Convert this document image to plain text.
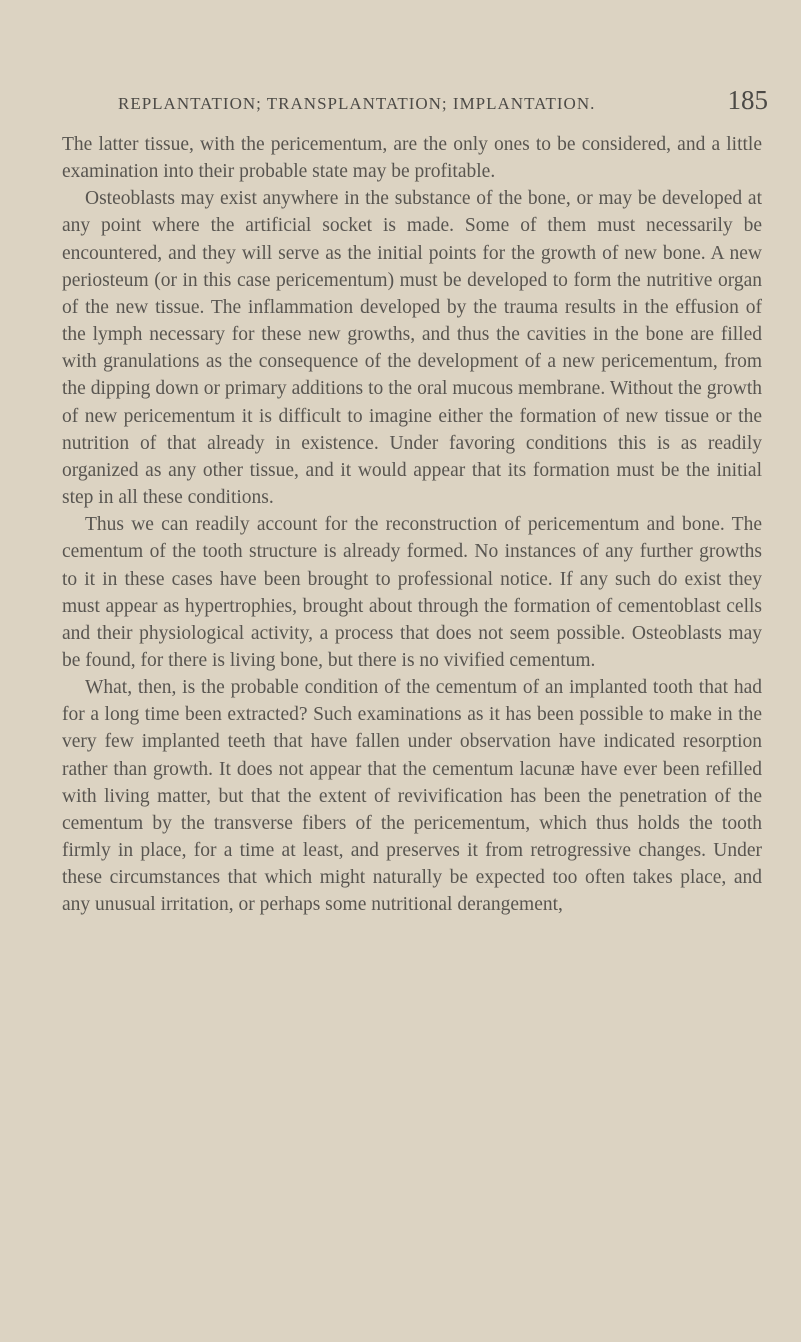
REPLANTATION; TRANSPLANTATION; IMPLANTATION.	185

The latter tissue, with the pericementum, are the only ones to be considered, and a little examination into their probable state may be profitable.

Osteoblasts may exist anywhere in the substance of the bone, or may be developed at any point where the artificial socket is made. Some of them must necessarily be encountered, and they will serve as the initial points for the growth of new bone. A new periosteum (or in this case pericementum) must be developed to form the nutritive organ of the new tissue. The inflammation developed by the trauma results in the effusion of the lymph necessary for these new growths, and thus the cavities in the bone are filled with granulations as the consequence of the development of a new pericementum, from the dipping down or primary additions to the oral mucous membrane. Without the growth of new pericementum it is difficult to imagine either the formation of new tissue or the nutrition of that already in existence. Under favoring conditions this is as readily organized as any other tissue, and it would appear that its formation must be the initial step in all these conditions.

Thus we can readily account for the reconstruction of pericementum and bone. The cementum of the tooth structure is already formed. No instances of any further growths to it in these cases have been brought to professional notice. If any such do exist they must appear as hypertrophies, brought about through the formation of cementoblast cells and their physiological activity, a process that does not seem possible. Osteoblasts may be found, for there is living bone, but there is no vivified cementum.

What, then, is the probable condition of the cementum of an implanted tooth that had for a long time been extracted? Such examinations as it has been possible to make in the very few implanted teeth that have fallen under observation have indicated resorption rather than growth. It does not appear that the cementum lacunæ have ever been refilled with living matter, but that the extent of revivification has been the penetration of the cementum by the transverse fibers of the pericementum, which thus holds the tooth firmly in place, for a time at least, and preserves it from retrogressive changes. Under these circumstances that which might naturally be expected too often takes place, and any unusual irritation, or perhaps some nutritional derangement,
